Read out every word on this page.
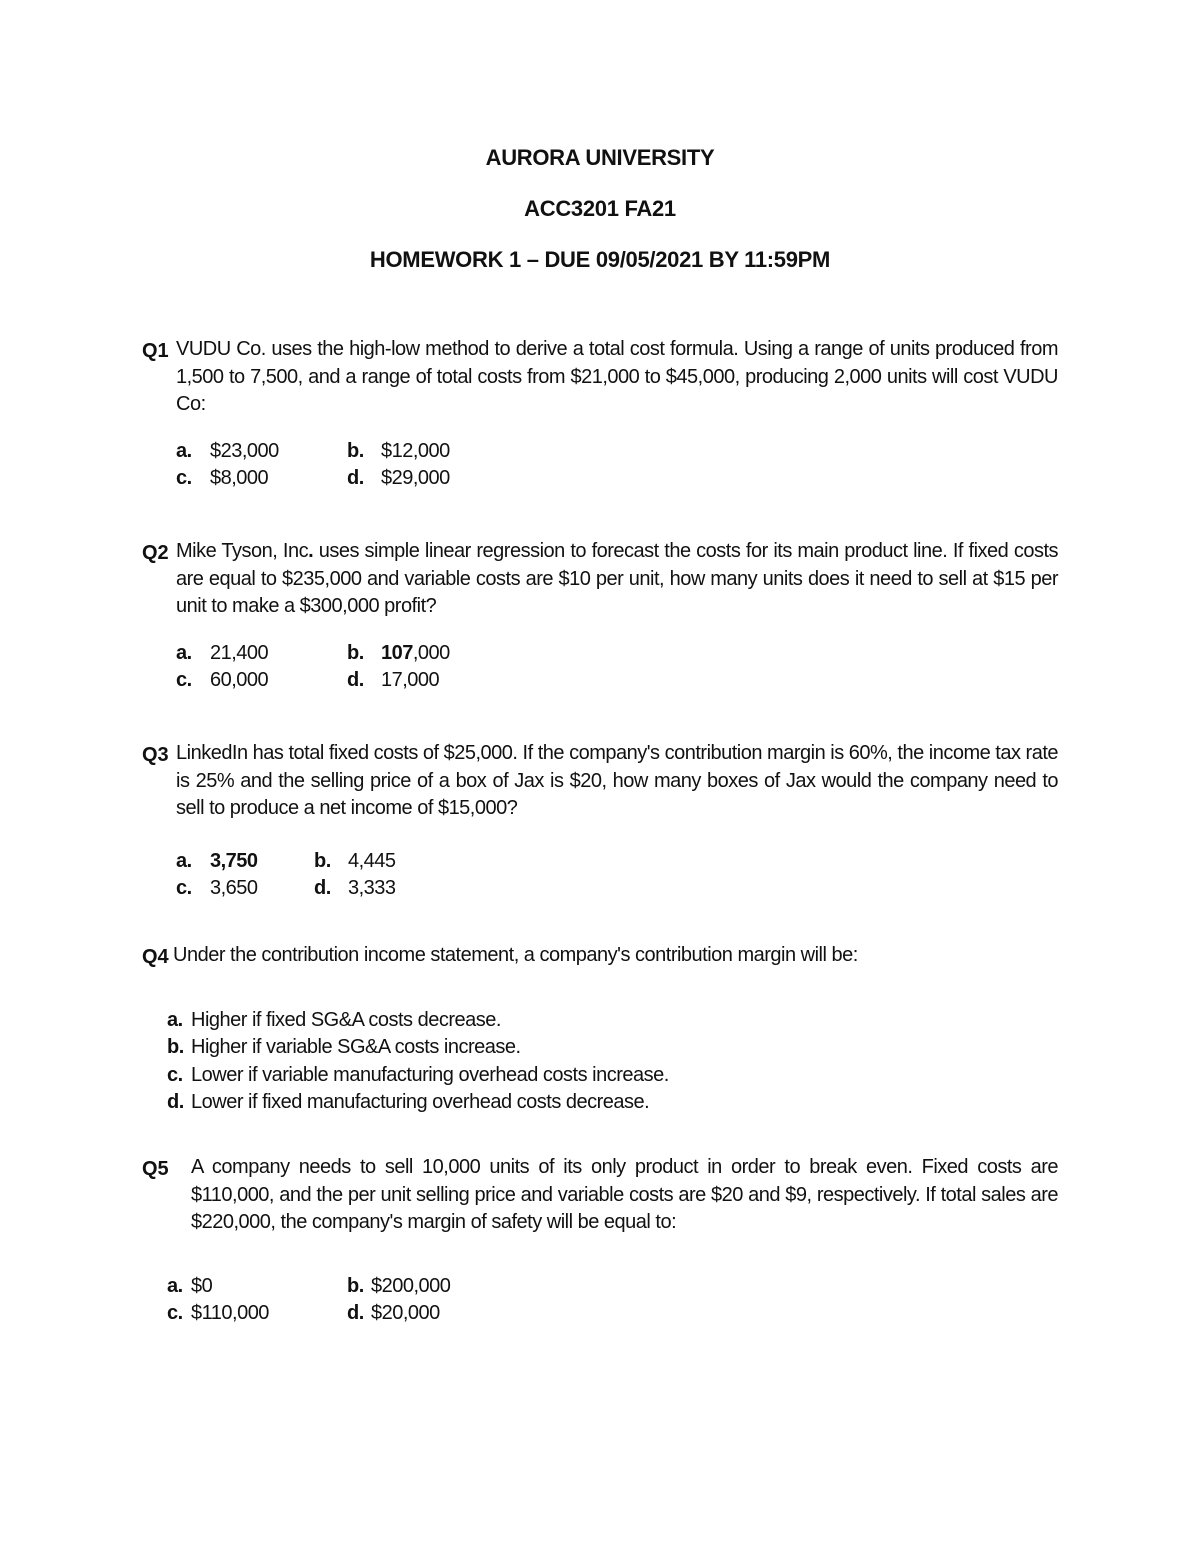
AURORA UNIVERSITY
ACC3201 FA21
HOMEWORK 1 – DUE 09/05/2021 BY 11:59PM
Q1 VUDU Co. uses the high-low method to derive a total cost formula. Using a range of units produced from 1,500 to 7,500, and a range of total costs from $21,000 to $45,000, producing 2,000 units will cost VUDU Co:
a. $23,000	b. $12,000
c. $8,000	d. $29,000
Q2 Mike Tyson, Inc. uses simple linear regression to forecast the costs for its main product line. If fixed costs are equal to $235,000 and variable costs are $10 per unit, how many units does it need to sell at $15 per unit to make a $300,000 profit?
a. 21,400	b. 107,000
c. 60,000	d. 17,000
Q3 LinkedIn has total fixed costs of $25,000. If the company's contribution margin is 60%, the income tax rate is 25% and the selling price of a box of Jax is $20, how many boxes of Jax would the company need to sell to produce a net income of $15,000?
a. 3,750	b. 4,445
c. 3,650	d. 3,333
Q4 Under the contribution income statement, a company's contribution margin will be:
a. Higher if fixed SG&A costs decrease.
b. Higher if variable SG&A costs increase.
c. Lower if variable manufacturing overhead costs increase.
d. Lower if fixed manufacturing overhead costs decrease.
Q5 A company needs to sell 10,000 units of its only product in order to break even. Fixed costs are $110,000, and the per unit selling price and variable costs are $20 and $9, respectively. If total sales are $220,000, the company's margin of safety will be equal to:
a. $0	b. $200,000
c. $110,000	d. $20,000
